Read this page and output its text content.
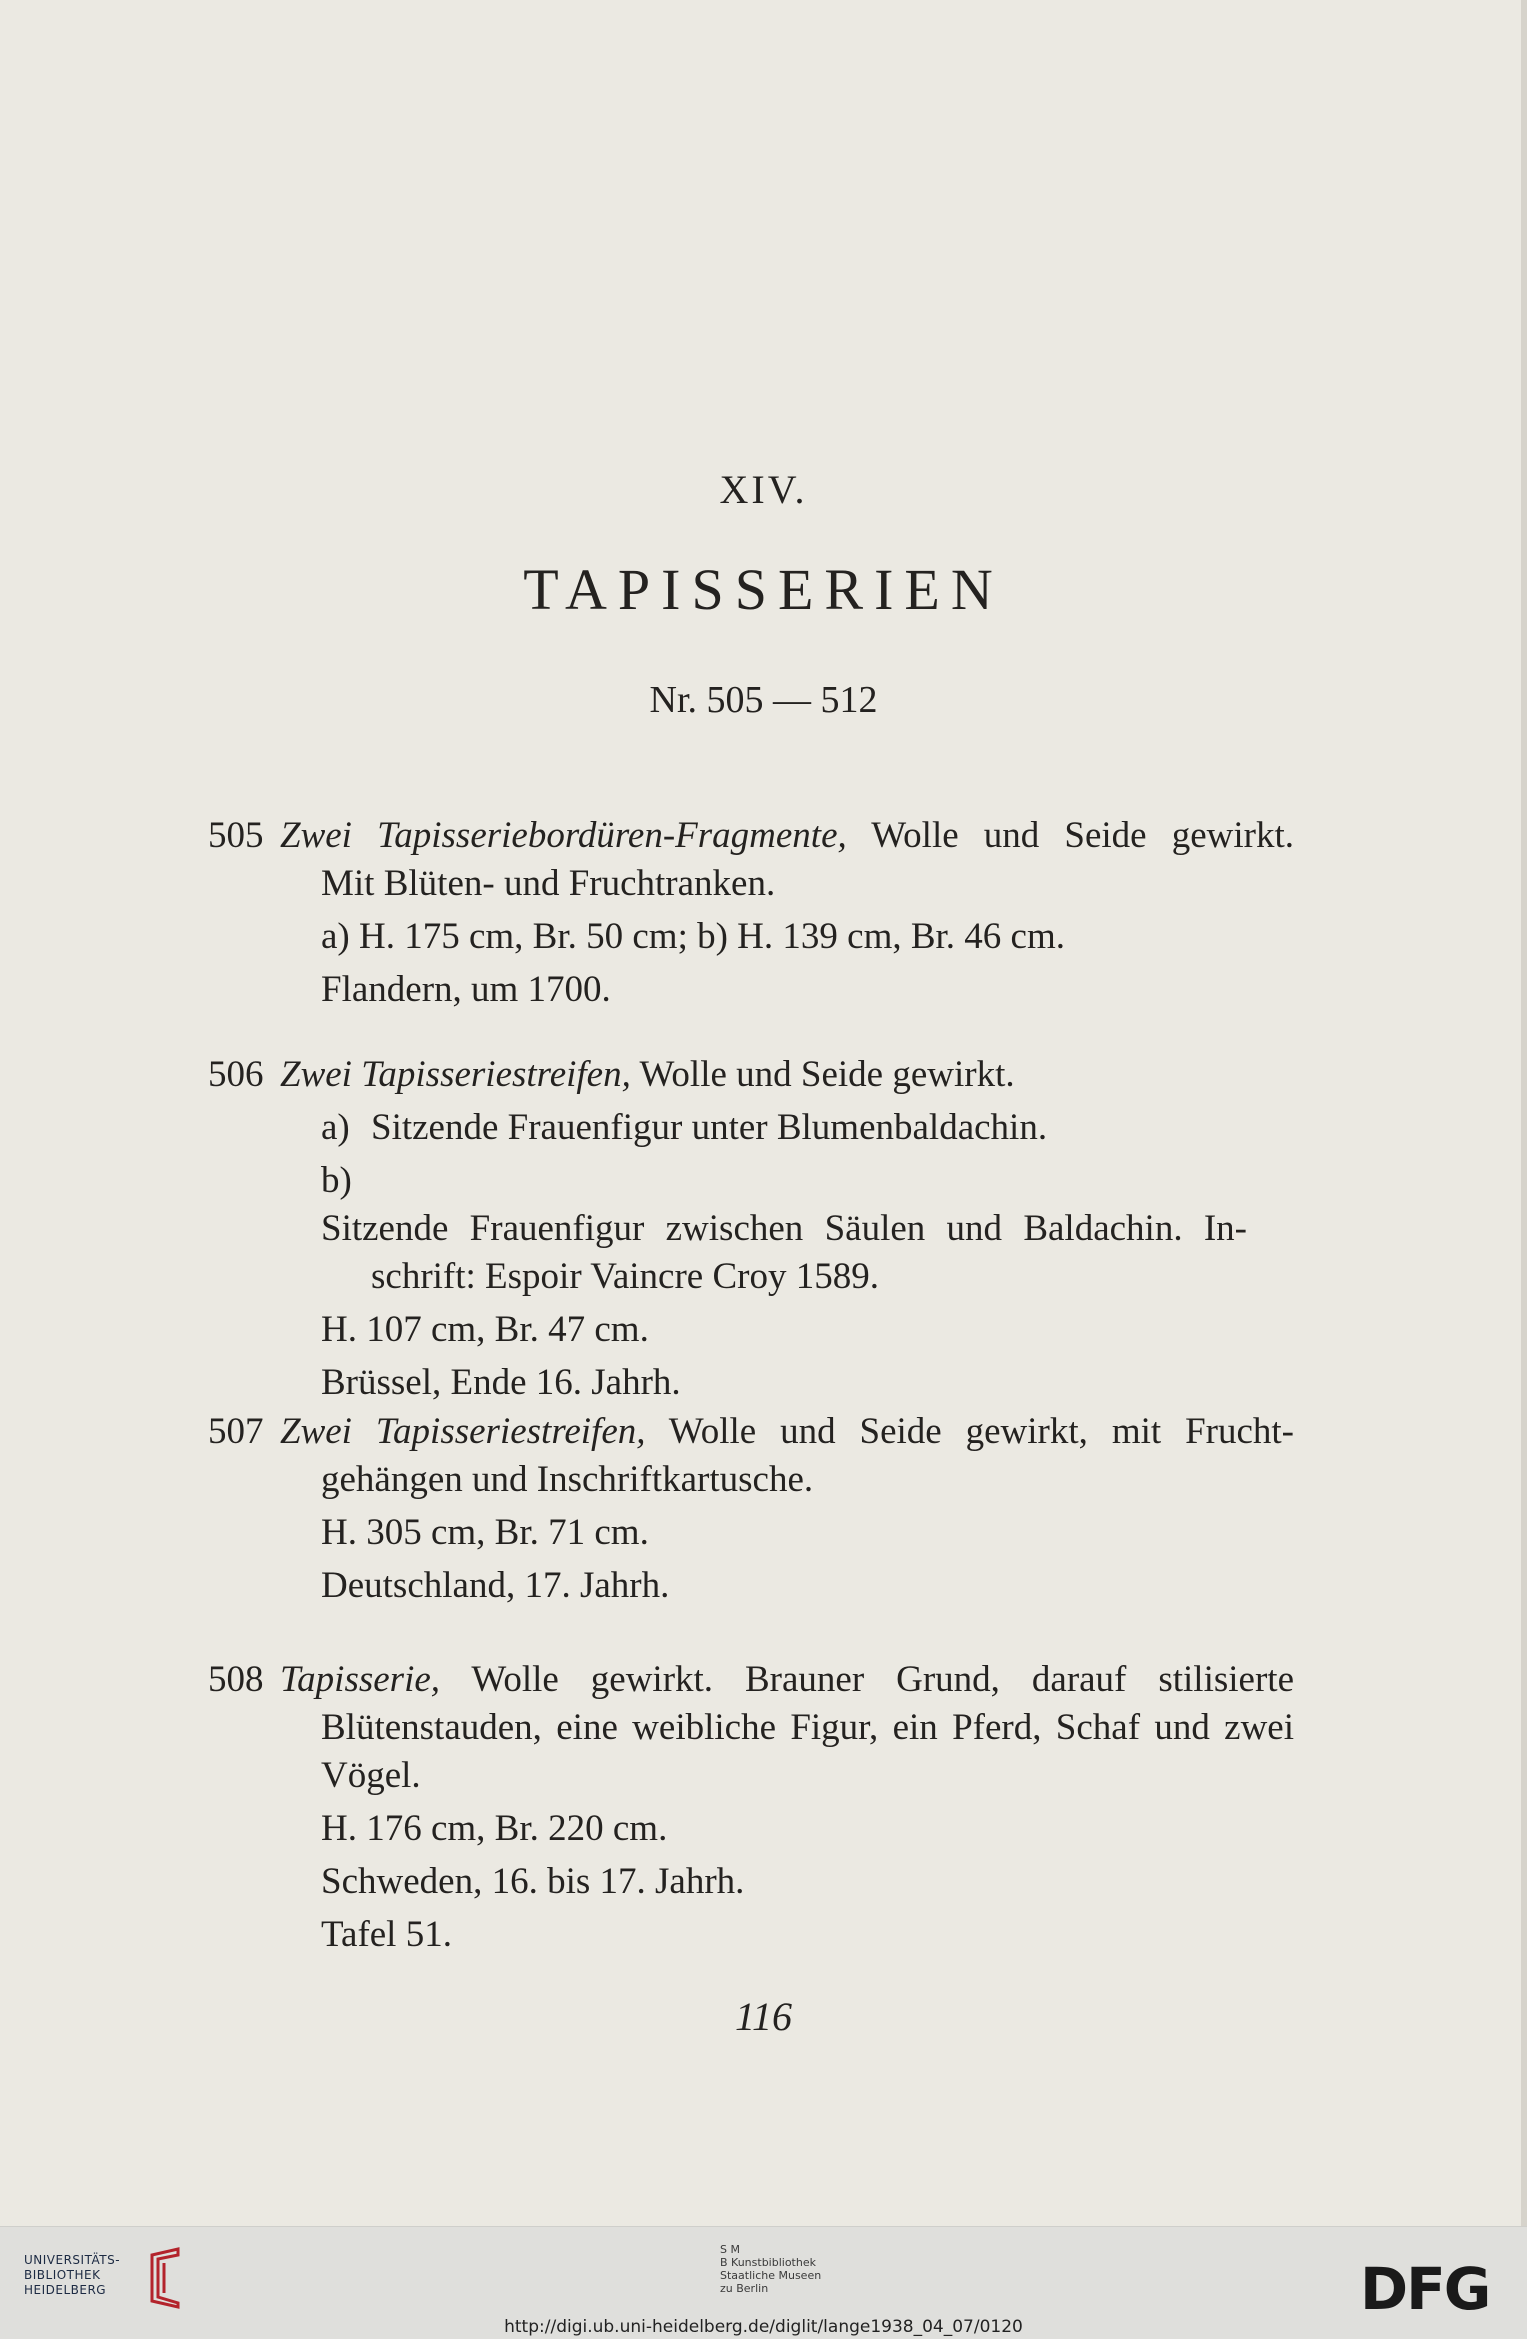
XIV.
TAPISSERIEN
Nr. 505 — 512
505 Zwei Tapisseriebordüren-Fragmente, Wolle und Seide gewirkt.
Mit Blüten- und Fruchtranken.
a) H. 175 cm, Br. 50 cm; b) H. 139 cm, Br. 46 cm.
Flandern, um 1700.
506 Zwei Tapisseriestreifen, Wolle und Seide gewirkt.
a) Sitzende Frauenfigur unter Blumenbaldachin.
b)Sitzende Frauenfigur zwischen Säulen und Baldachin. In-
schrift: Espoir Vaincre Croy 1589.
H. 107 cm, Br. 47 cm.
Brüssel, Ende 16. Jahrh.
507 Zwei Tapisseriestreifen, Wolle und Seide gewirkt, mit Frucht-
gehängen und Inschriftkartusche.
H. 305 cm, Br. 71 cm.
Deutschland, 17. Jahrh.
508 Tapisserie, Wolle gewirkt. Brauner Grund, darauf stilisierte
Blütenstauden, eine weibliche Figur, ein Pferd, Schaf und zwei
Vögel.
H. 176 cm, Br. 220 cm.
Schweden, 16. bis 17. Jahrh.
Tafel 51.
116
UNIVERSITÄTS-
BIBLIOTHEK
HEIDELBERG
S M
B Kunstbibliothek
Staatliche Museen
zu Berlin	DFG
http://digi.ub.uni-heidelberg.de/diglit/lange1938_04_07/0120
